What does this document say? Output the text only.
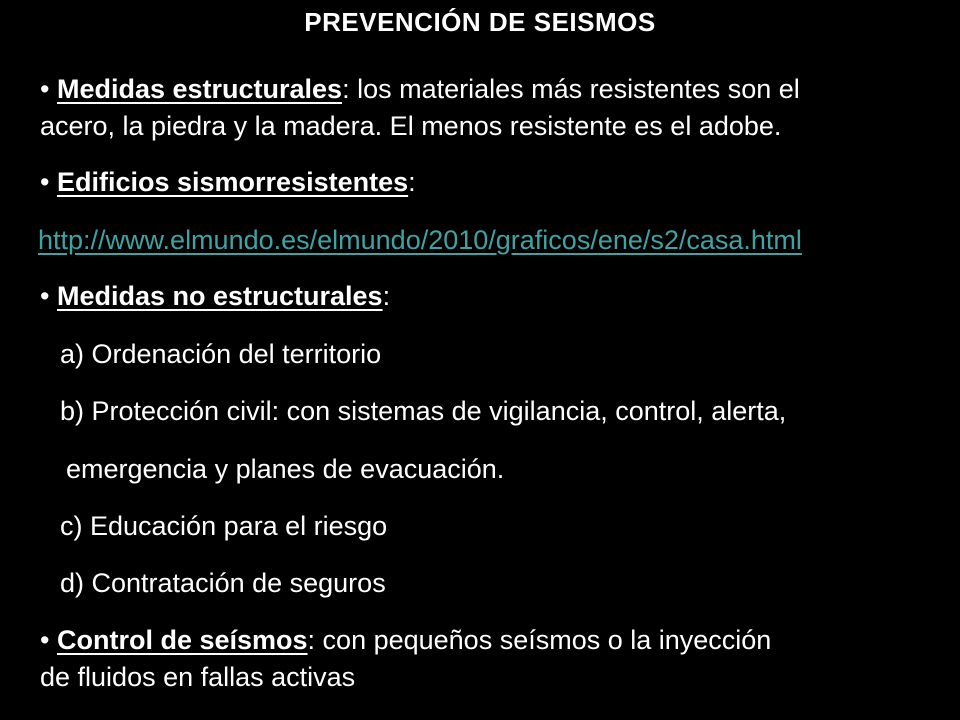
PREVENCIÓN DE SEISMOS
• Medidas estructurales: los materiales más resistentes son el
acero, la piedra y la madera. El menos resistente es el adobe.
• Edificios sismorresistentes:
http://www.elmundo.es/elmundo/2010/graficos/ene/s2/casa.html
• Medidas no estructurales:
a) Ordenación del territorio
b) Protección civil: con sistemas de vigilancia, control, alerta,
emergencia y planes de evacuación.
c) Educación para el riesgo
d) Contratación de seguros
• Control de seísmos: con pequeños seísmos o la inyección
de fluidos en fallas activas
